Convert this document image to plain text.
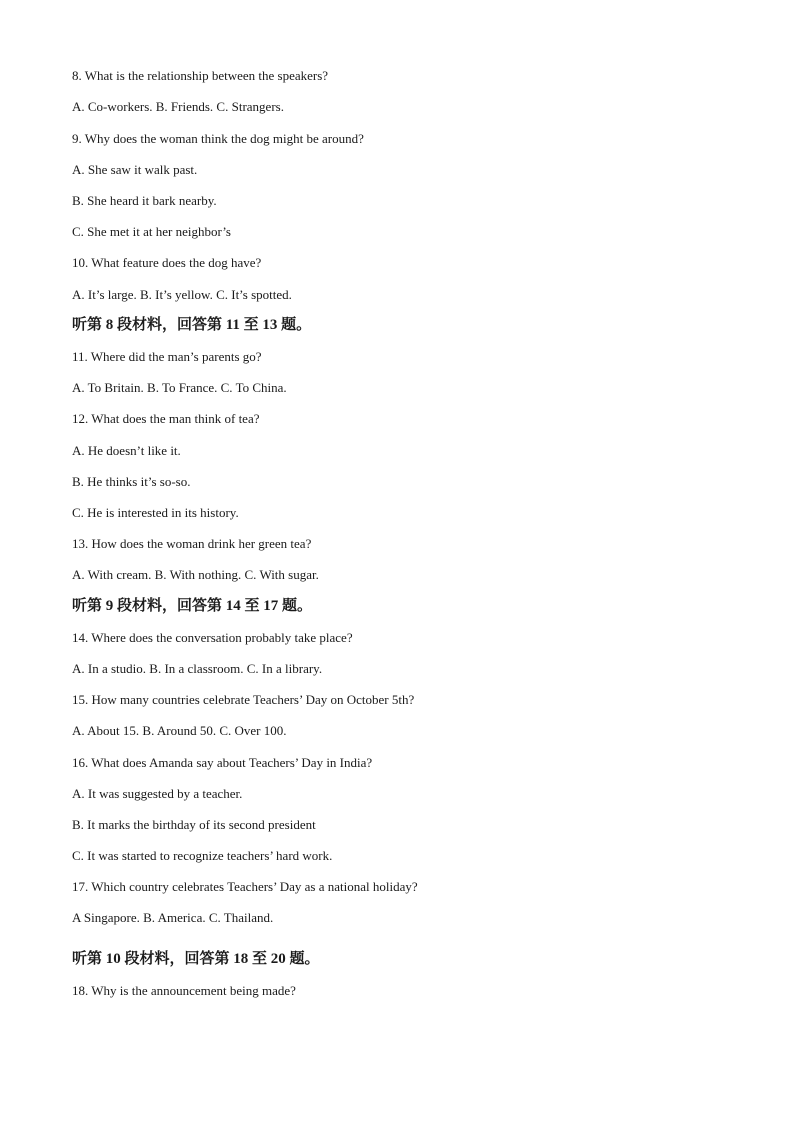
8. What is the relationship between the speakers?
A. Co-workers. B. Friends. C. Strangers.
9. Why does the woman think the dog might be around?
A. She saw it walk past.
B. She heard it bark nearby.
C. She met it at her neighbor’s
10. What feature does the dog have?
A. It’s large. B. It’s yellow. C. It’s spotted.
听第 8 段材料，回答第 11 至 13 题。
11. Where did the man’s parents go?
A. To Britain. B. To France. C. To China.
12. What does the man think of tea?
A. He doesn’t like it.
B. He thinks it’s so-so.
C. He is interested in its history.
13. How does the woman drink her green tea?
A. With cream. B. With nothing. C. With sugar.
听第 9 段材料，回答第 14 至 17 题。
14. Where does the conversation probably take place?
A. In a studio. B. In a classroom. C. In a library.
15. How many countries celebrate Teachers’ Day on October 5th?
A. About 15. B. Around 50. C. Over 100.
16. What does Amanda say about Teachers’ Day in India?
A. It was suggested by a teacher.
B. It marks the birthday of its second president
C. It was started to recognize teachers’ hard work.
17. Which country celebrates Teachers’ Day as a national holiday?
A Singapore. B. America. C. Thailand.
听第 10 段材料，回答第 18 至 20 题。
18. Why is the announcement being made?
